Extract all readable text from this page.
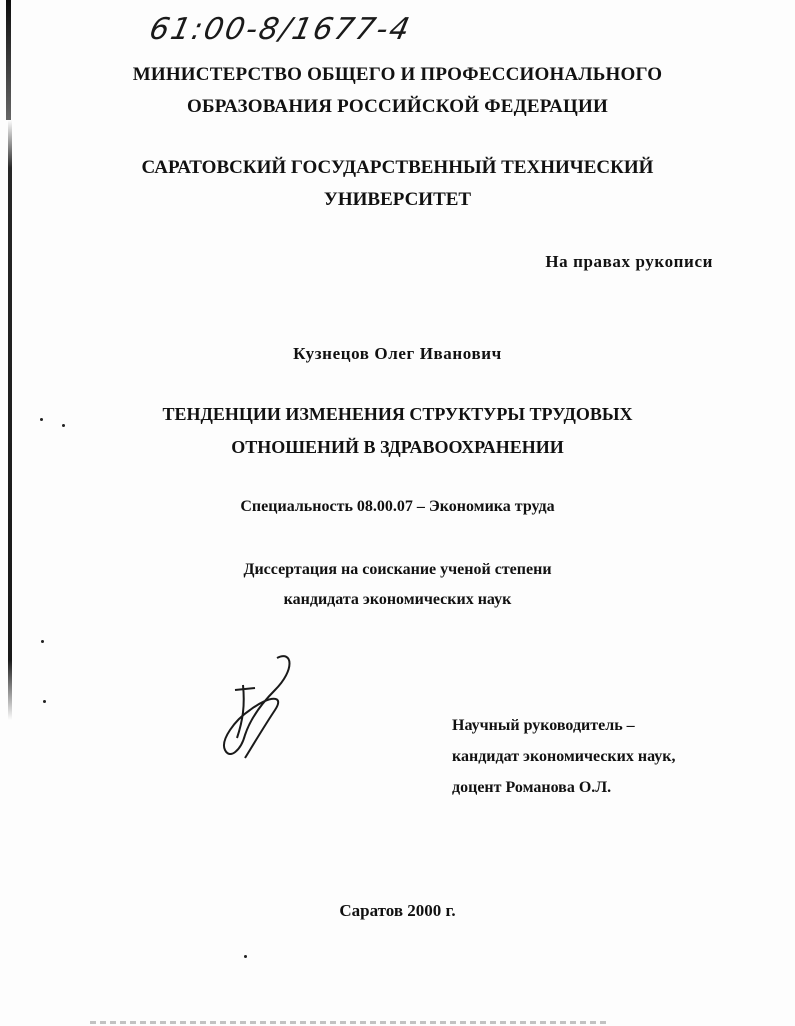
61:00-8/1677-4
МИНИСТЕРСТВО ОБЩЕГО И ПРОФЕССИОНАЛЬНОГО
ОБРАЗОВАНИЯ РОССИЙСКОЙ ФЕДЕРАЦИИ
САРАТОВСКИЙ ГОСУДАРСТВЕННЫЙ ТЕХНИЧЕСКИЙ
УНИВЕРСИТЕТ
На правах рукописи
Кузнецов Олег Иванович
ТЕНДЕНЦИИ ИЗМЕНЕНИЯ СТРУКТУРЫ ТРУДОВЫХ
ОТНОШЕНИЙ В ЗДРАВООХРАНЕНИИ
Специальность 08.00.07 – Экономика труда
Диссертация на соискание ученой степени
кандидата экономических наук
Научный руководитель –
кандидат экономических наук,
доцент Романова О.Л.
Саратов 2000 г.
